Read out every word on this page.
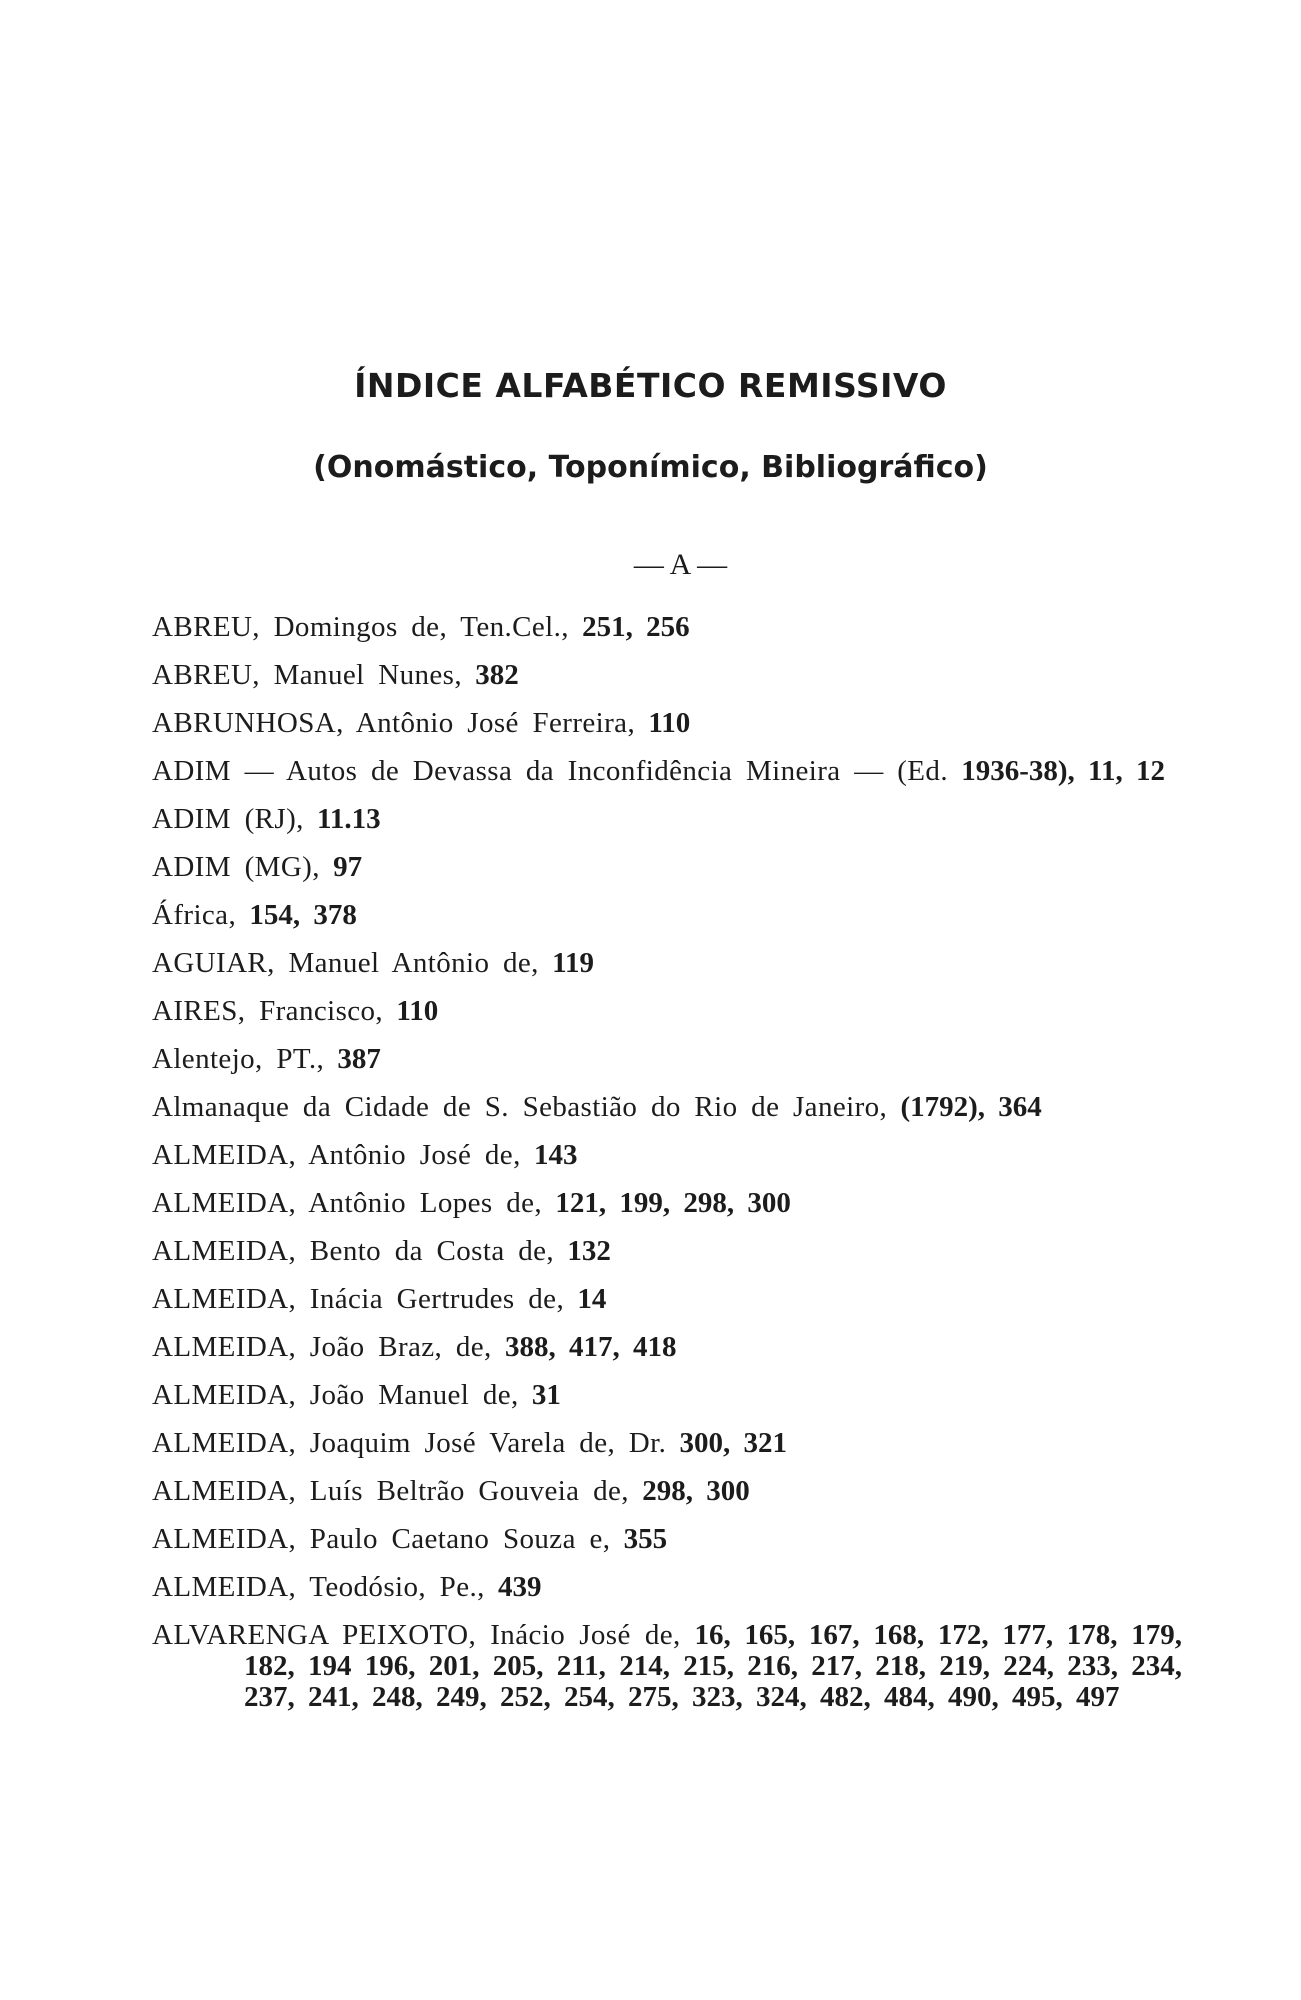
ÍNDICE ALFABÉTICO REMISSIVO
(Onomástico, Toponímico, Bibliográfico)
— A —

ABREU, Domingos de, Ten.Cel., 251, 256

ABREU, Manuel Nunes, 382

ABRUNHOSA, Antônio José Ferreira, 110

ADIM — Autos de Devassa da Inconfidência Mineira — (Ed. 1936-38), 11, 12

ADIM (RJ), 11.13

ADIM (MG), 97

África, 154, 378

AGUIAR, Manuel Antônio de, 119

AIRES, Francisco, 110

Alentejo, PT., 387

Almanaque da Cidade de S. Sebastião do Rio de Janeiro, (1792), 364

ALMEIDA, Antônio José de, 143

ALMEIDA, Antônio Lopes de, 121, 199, 298, 300

ALMEIDA, Bento da Costa de, 132

ALMEIDA, Inácia Gertrudes de, 14

ALMEIDA, João Braz, de, 388, 417, 418

ALMEIDA, João Manuel de, 31

ALMEIDA, Joaquim José Varela de, Dr. 300, 321

ALMEIDA, Luís Beltrão Gouveia de, 298, 300

ALMEIDA, Paulo Caetano Souza e, 355

ALMEIDA, Teodósio, Pe., 439

ALVARENGA PEIXOTO, Inácio José de, 16, 165, 167, 168, 172, 177, 178, 179, 182, 194 196, 201, 205, 211, 214, 215, 216, 217, 218, 219, 224, 233, 234, 237, 241, 248, 249, 252, 254, 275, 323, 324, 482, 484, 490, 495, 497
